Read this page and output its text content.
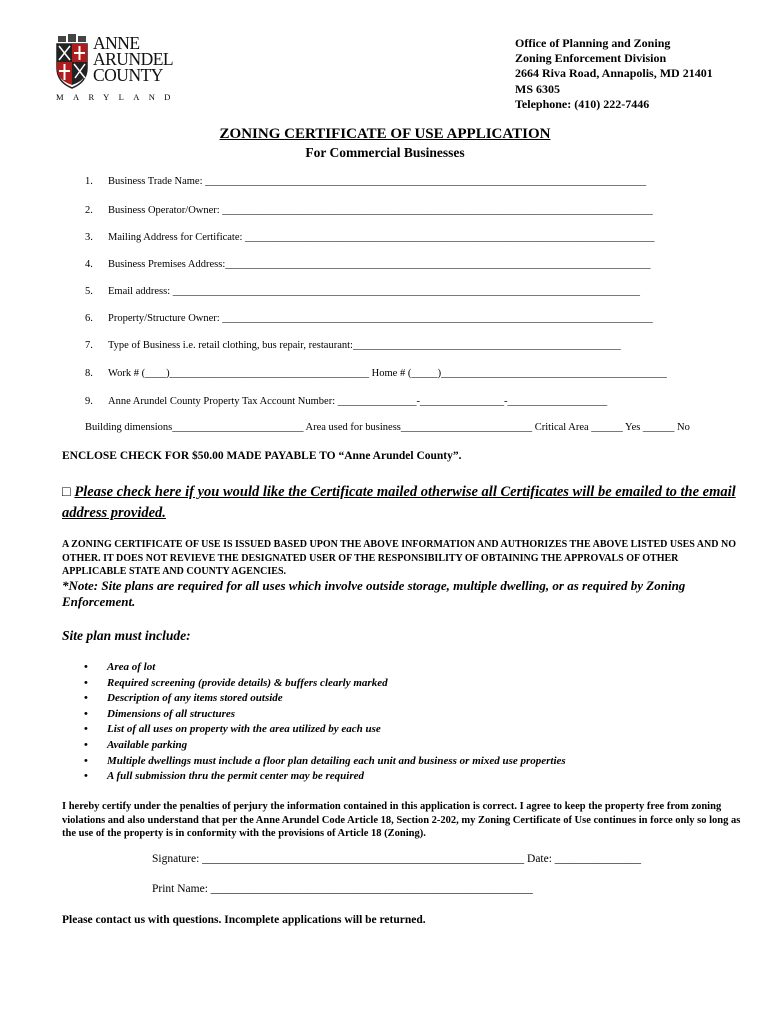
ANNE
ARUNDEL
COUNTY
MARYLAND
Office of Planning and Zoning
Zoning Enforcement Division
2664 Riva Road, Annapolis, MD 21401
MS 6305
Telephone: (410) 222-7446
ZONING CERTIFICATE OF USE APPLICATION
For Commercial Businesses
1. Business Trade Name: ____________________________________________________________________________________
2. Business Operator/Owner: __________________________________________________________________________________
3. Mailing Address for Certificate: ______________________________________________________________________________
4. Business Premises Address:_________________________________________________________________________________
5. Email address: _________________________________________________________________________________________
6. Property/Structure Owner: __________________________________________________________________________________
7. Type of Business i.e. retail clothing, bus repair, restaurant:___________________________________________________
8. Work # (____)______________________________________ Home # (_____)___________________________________________
9. Anne Arundel County Property Tax Account Number: _______________-________________-___________________
Building dimensions_________________________ Area used for business_________________________ Critical Area ______ Yes ______ No
ENCLOSE CHECK FOR $50.00 MADE PAYABLE TO “Anne Arundel County”.
□ Please check here if you would like the Certificate mailed otherwise all Certificates will be emailed to the email address provided.
A ZONING CERTIFICATE OF USE IS ISSUED BASED UPON THE ABOVE INFORMATION AND AUTHORIZES THE ABOVE LISTED USES AND NO OTHER. IT DOES NOT REVIEVE THE DESIGNATED USER OF THE RESPONSIBILITY OF OBTAINING THE APPROVALS OF OTHER APPLICABLE STATE AND COUNTY AGENCIES.
*Note: Site plans are required for all uses which involve outside storage, multiple dwelling, or as required by Zoning Enforcement.
Site plan must include:
• Area of lot
• Required screening (provide details) & buffers clearly marked
• Description of any items stored outside
• Dimensions of all structures
• List of all uses on property with the area utilized by each use
• Available parking
• Multiple dwellings must include a floor plan detailing each unit and business or mixed use properties
• A full submission thru the permit center may be required
I hereby certify under the penalties of perjury the information contained in this application is correct. I agree to keep the property free from zoning violations and also understand that per the Anne Arundel Code Article 18, Section 2-202, my Zoning Certificate of Use continues in force only so long as the use of the property is in conformity with the provisions of Article 18 (Zoning).
Signature: ________________________________________________________ Date: _______________
Print Name: ________________________________________________________
Please contact us with questions. Incomplete applications will be returned.
